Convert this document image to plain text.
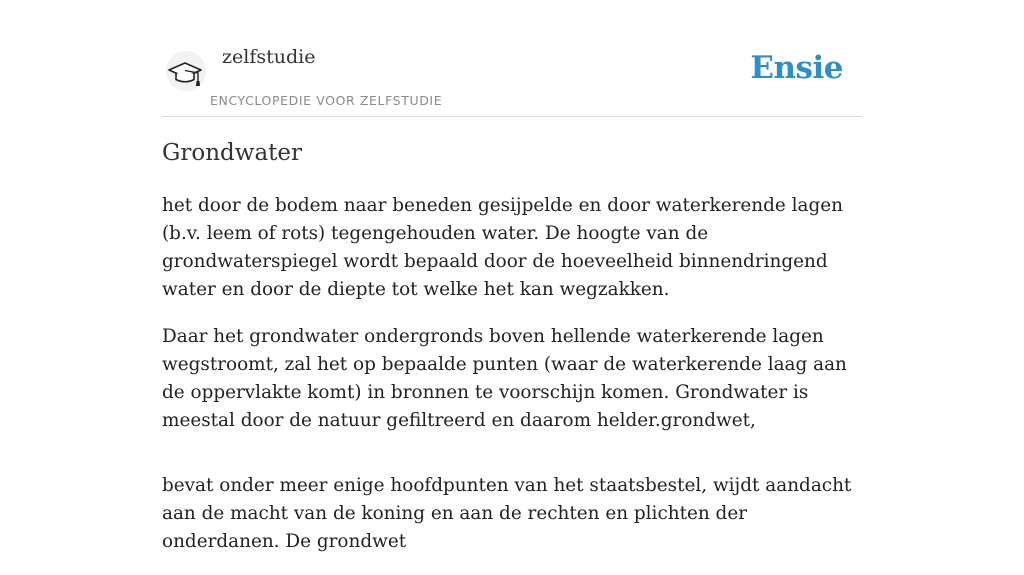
zelfstudie
ENCYCLOPEDIE VOOR ZELFSTUDIE
Ensie
Grondwater

het door de bodem naar beneden gesijpelde en door waterkerende lagen (b.v. leem of rots) tegengehouden water. De hoogte van de grondwaterspiegel wordt bepaald door de hoeveelheid binnendringend water en door de diepte tot welke het kan wegzakken.

Daar het grondwater ondergronds boven hellende waterkerende lagen wegstroomt, zal het op bepaalde punten (waar de waterkerende laag aan de oppervlakte komt) in bronnen te voorschijn komen. Grondwater is meestal door de natuur gefiltreerd en daarom helder.grondwet,

bevat onder meer enige hoofdpunten van het staatsbestel, wijdt aandacht aan de macht van de koning en aan de rechten en plichten der onderdanen. De grondwet
